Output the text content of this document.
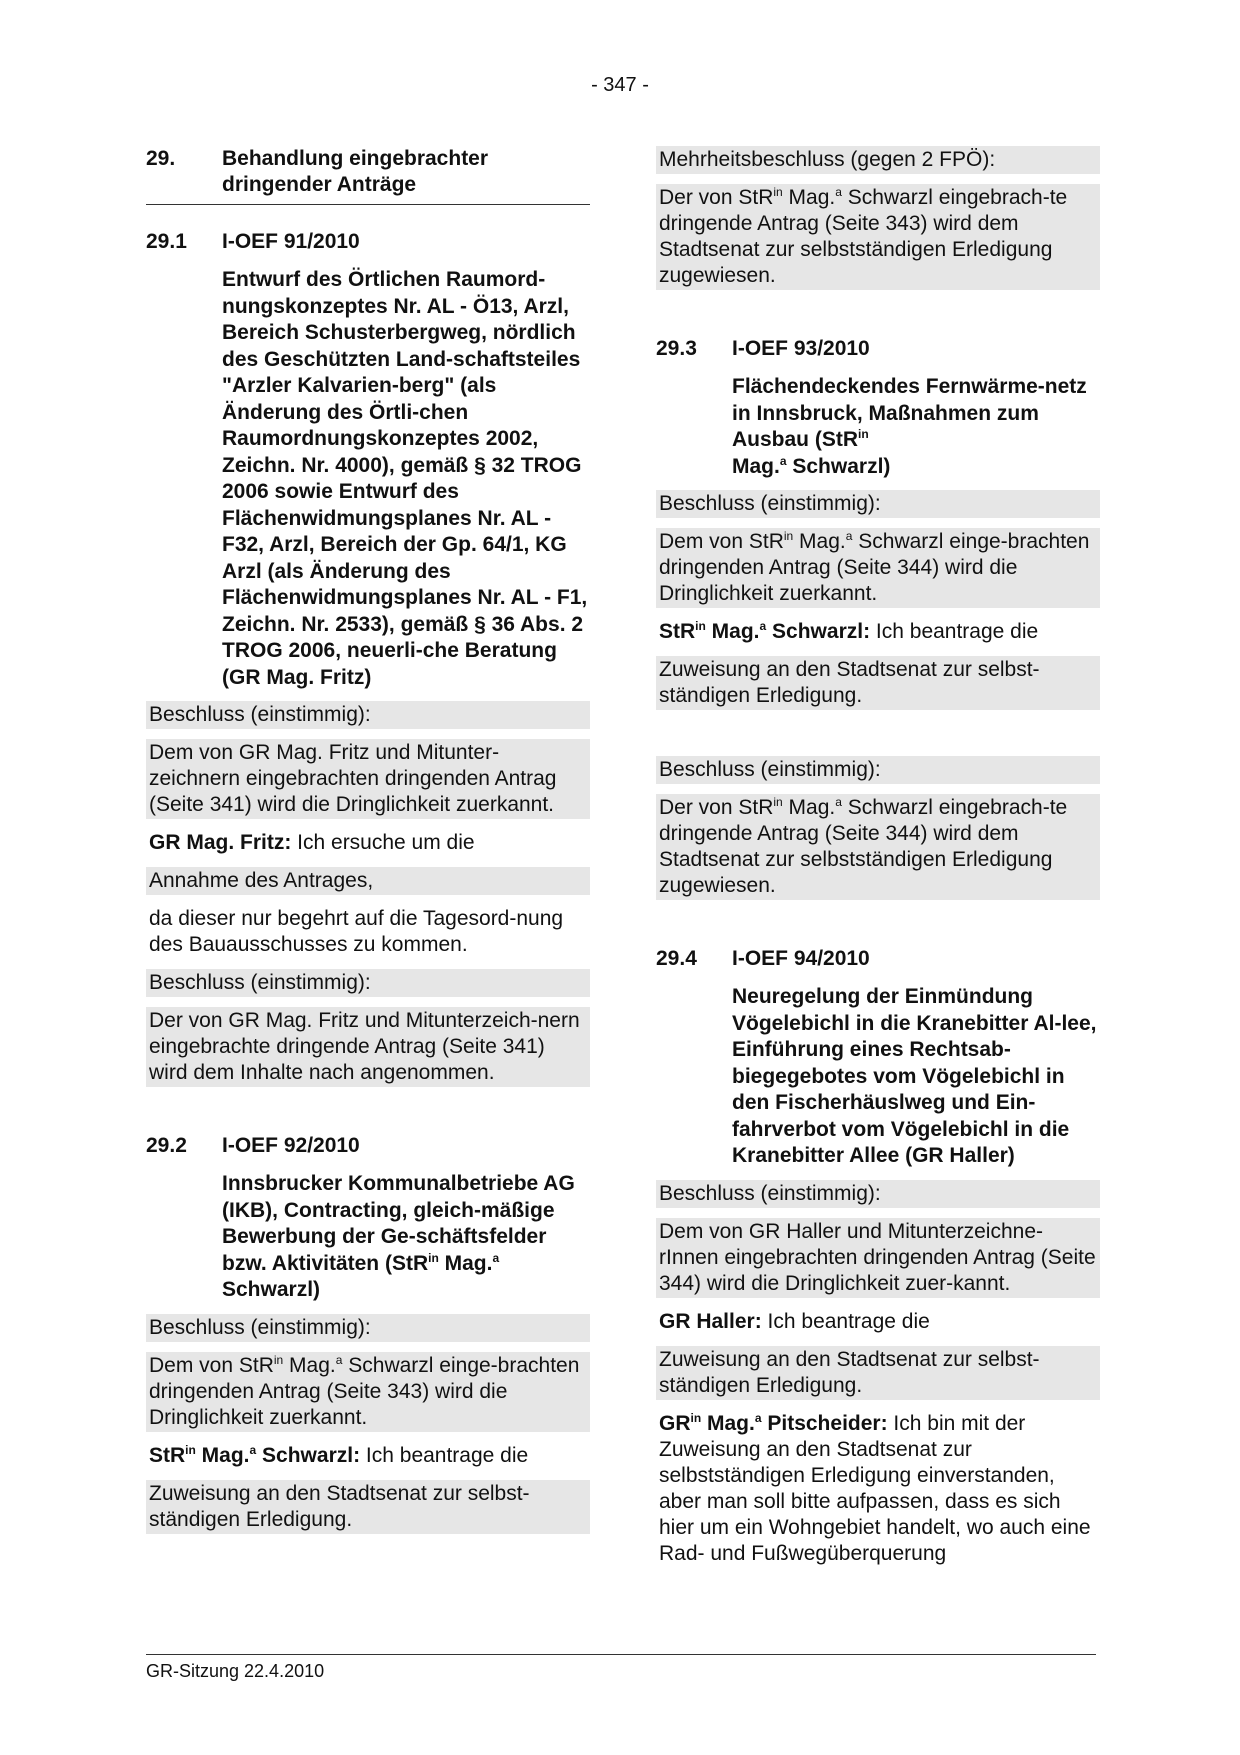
- 347 -
29.	Behandlung eingebrachter dringender Anträge
29.1	I-OEF 91/2010
Entwurf des Örtlichen Raumord-nungskonzeptes Nr. AL - Ö13, Arzl, Bereich Schusterbergweg, nördlich des Geschützten Land-schaftsteiles "Arzler Kalvarien-berg" (als Änderung des Örtli-chen Raumordnungskonzeptes 2002, Zeichn. Nr. 4000), gemäß § 32 TROG 2006 sowie Entwurf des Flächenwidmungsplanes Nr. AL - F32, Arzl, Bereich der Gp. 64/1, KG Arzl (als Änderung des Flächenwidmungsplanes Nr. AL - F1, Zeichn. Nr. 2533), gemäß § 36 Abs. 2 TROG 2006, neuerli-che Beratung (GR Mag. Fritz)
Beschluss (einstimmig):
Dem von GR Mag. Fritz und Mitunter-zeichnern eingebrachten dringenden Antrag (Seite 341) wird die Dringlichkeit zuerkannt.
GR Mag. Fritz: Ich ersuche um die
Annahme des Antrages,
da dieser nur begehrt auf die Tagesord-nung des Bauausschusses zu kommen.
Beschluss (einstimmig):
Der von GR Mag. Fritz und Mitunterzeich-nern eingebrachte dringende Antrag (Seite 341) wird dem Inhalte nach angenommen.
29.2	I-OEF 92/2010
Innsbrucker Kommunalbetriebe AG (IKB), Contracting, gleich-mäßige Bewerbung der Ge-schäftsfelder bzw. Aktivitäten (StR$^{in}$ Mag.$^a$ Schwarzl)
Beschluss (einstimmig):
Dem von StR$^{in}$ Mag.$^a$ Schwarzl einge-brachten dringenden Antrag (Seite 343) wird die Dringlichkeit zuerkannt.
StR$^{in}$ Mag.$^a$ Schwarzl: Ich beantrage die
Zuweisung an den Stadtsenat zur selbst-ständigen Erledigung.
Mehrheitsbeschluss (gegen 2 FPÖ):
Der von StR$^{in}$ Mag.$^a$ Schwarzl eingebrach-te dringende Antrag (Seite 343) wird dem Stadtsenat zur selbstständigen Erledigung zugewiesen.
29.3	I-OEF 93/2010
Flächendeckendes Fernwärme-netz in Innsbruck, Maßnahmen zum Ausbau (StR$^{in}$
Mag.$^a$ Schwarzl)
Beschluss (einstimmig):
Dem von StR$^{in}$ Mag.$^a$ Schwarzl einge-brachten dringenden Antrag (Seite 344) wird die Dringlichkeit zuerkannt.
StR$^{in}$ Mag.$^a$ Schwarzl: Ich beantrage die
Zuweisung an den Stadtsenat zur selbst-ständigen Erledigung.
Beschluss (einstimmig):
Der von StR$^{in}$ Mag.$^a$ Schwarzl eingebrach-te dringende Antrag (Seite 344) wird dem Stadtsenat zur selbstständigen Erledigung zugewiesen.
29.4	I-OEF 94/2010
Neuregelung der Einmündung Vögelebichl in die Kranebitter Al-lee, Einführung eines Rechtsab-biegegebotes vom Vögelebichl in den Fischerhäuslweg und Ein-fahrverbot vom Vögelebichl in die Kranebitter Allee (GR Haller)
Beschluss (einstimmig):
Dem von GR Haller und Mitunterzeichne-rInnen eingebrachten dringenden Antrag (Seite 344) wird die Dringlichkeit zuer-kannt.
GR Haller: Ich beantrage die
Zuweisung an den Stadtsenat zur selbst-ständigen Erledigung.
$GR^{in}$ Mag.$^a$ Pitscheider: Ich bin mit der Zuweisung an den Stadtsenat zur selbstständigen Erledigung einverstanden, aber man soll bitte aufpassen, dass es sich hier um ein Wohngebiet handelt, wo auch eine Rad- und Fußwegüberquerung
GR-Sitzung 22.4.2010
